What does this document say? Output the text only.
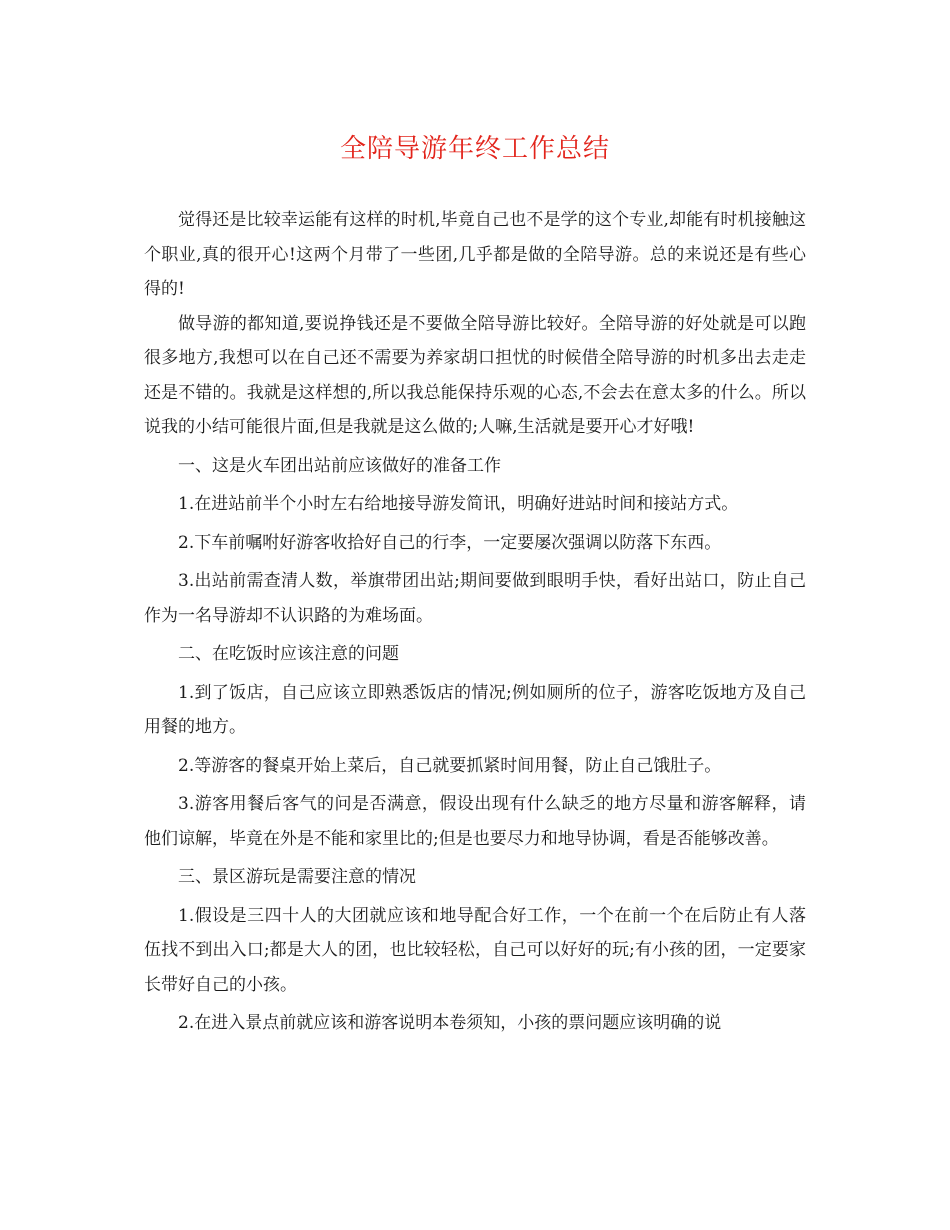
全陪导游年终工作总结

觉得还是比较幸运能有这样的时机,毕竟自己也不是学的这个专业,却能有时机接触这个职业,真的很开心!这两个月带了一些团,几乎都是做的全陪导游。总的来说还是有些心得的!

做导游的都知道,要说挣钱还是不要做全陪导游比较好。全陪导游的好处就是可以跑很多地方,我想可以在自己还不需要为养家胡口担忧的时候借全陪导游的时机多出去走走还是不错的。我就是这样想的,所以我总能保持乐观的心态,不会去在意太多的什么。所以说我的小结可能很片面,但是我就是这么做的;人嘛,生活就是要开心才好哦!

一、这是火车团出站前应该做好的准备工作

1.在进站前半个小时左右给地接导游发简讯，明确好进站时间和接站方式。

2.下车前嘱咐好游客收拾好自己的行李，一定要屡次强调以防落下东西。

3.出站前需查清人数，举旗带团出站;期间要做到眼明手快，看好出站口，防止自己作为一名导游却不认识路的为难场面。

二、在吃饭时应该注意的问题

1.到了饭店，自己应该立即熟悉饭店的情况;例如厕所的位子，游客吃饭地方及自己用餐的地方。

2.等游客的餐桌开始上菜后，自己就要抓紧时间用餐，防止自己饿肚子。

3.游客用餐后客气的问是否满意，假设出现有什么缺乏的地方尽量和游客解释，请他们谅解，毕竟在外是不能和家里比的;但是也要尽力和地导协调，看是否能够改善。

三、景区游玩是需要注意的情况

1.假设是三四十人的大团就应该和地导配合好工作，一个在前一个在后防止有人落伍找不到出入口;都是大人的团，也比较轻松，自己可以好好的玩;有小孩的团，一定要家长带好自己的小孩。

2.在进入景点前就应该和游客说明本卷须知，小孩的票问题应该明确的说
